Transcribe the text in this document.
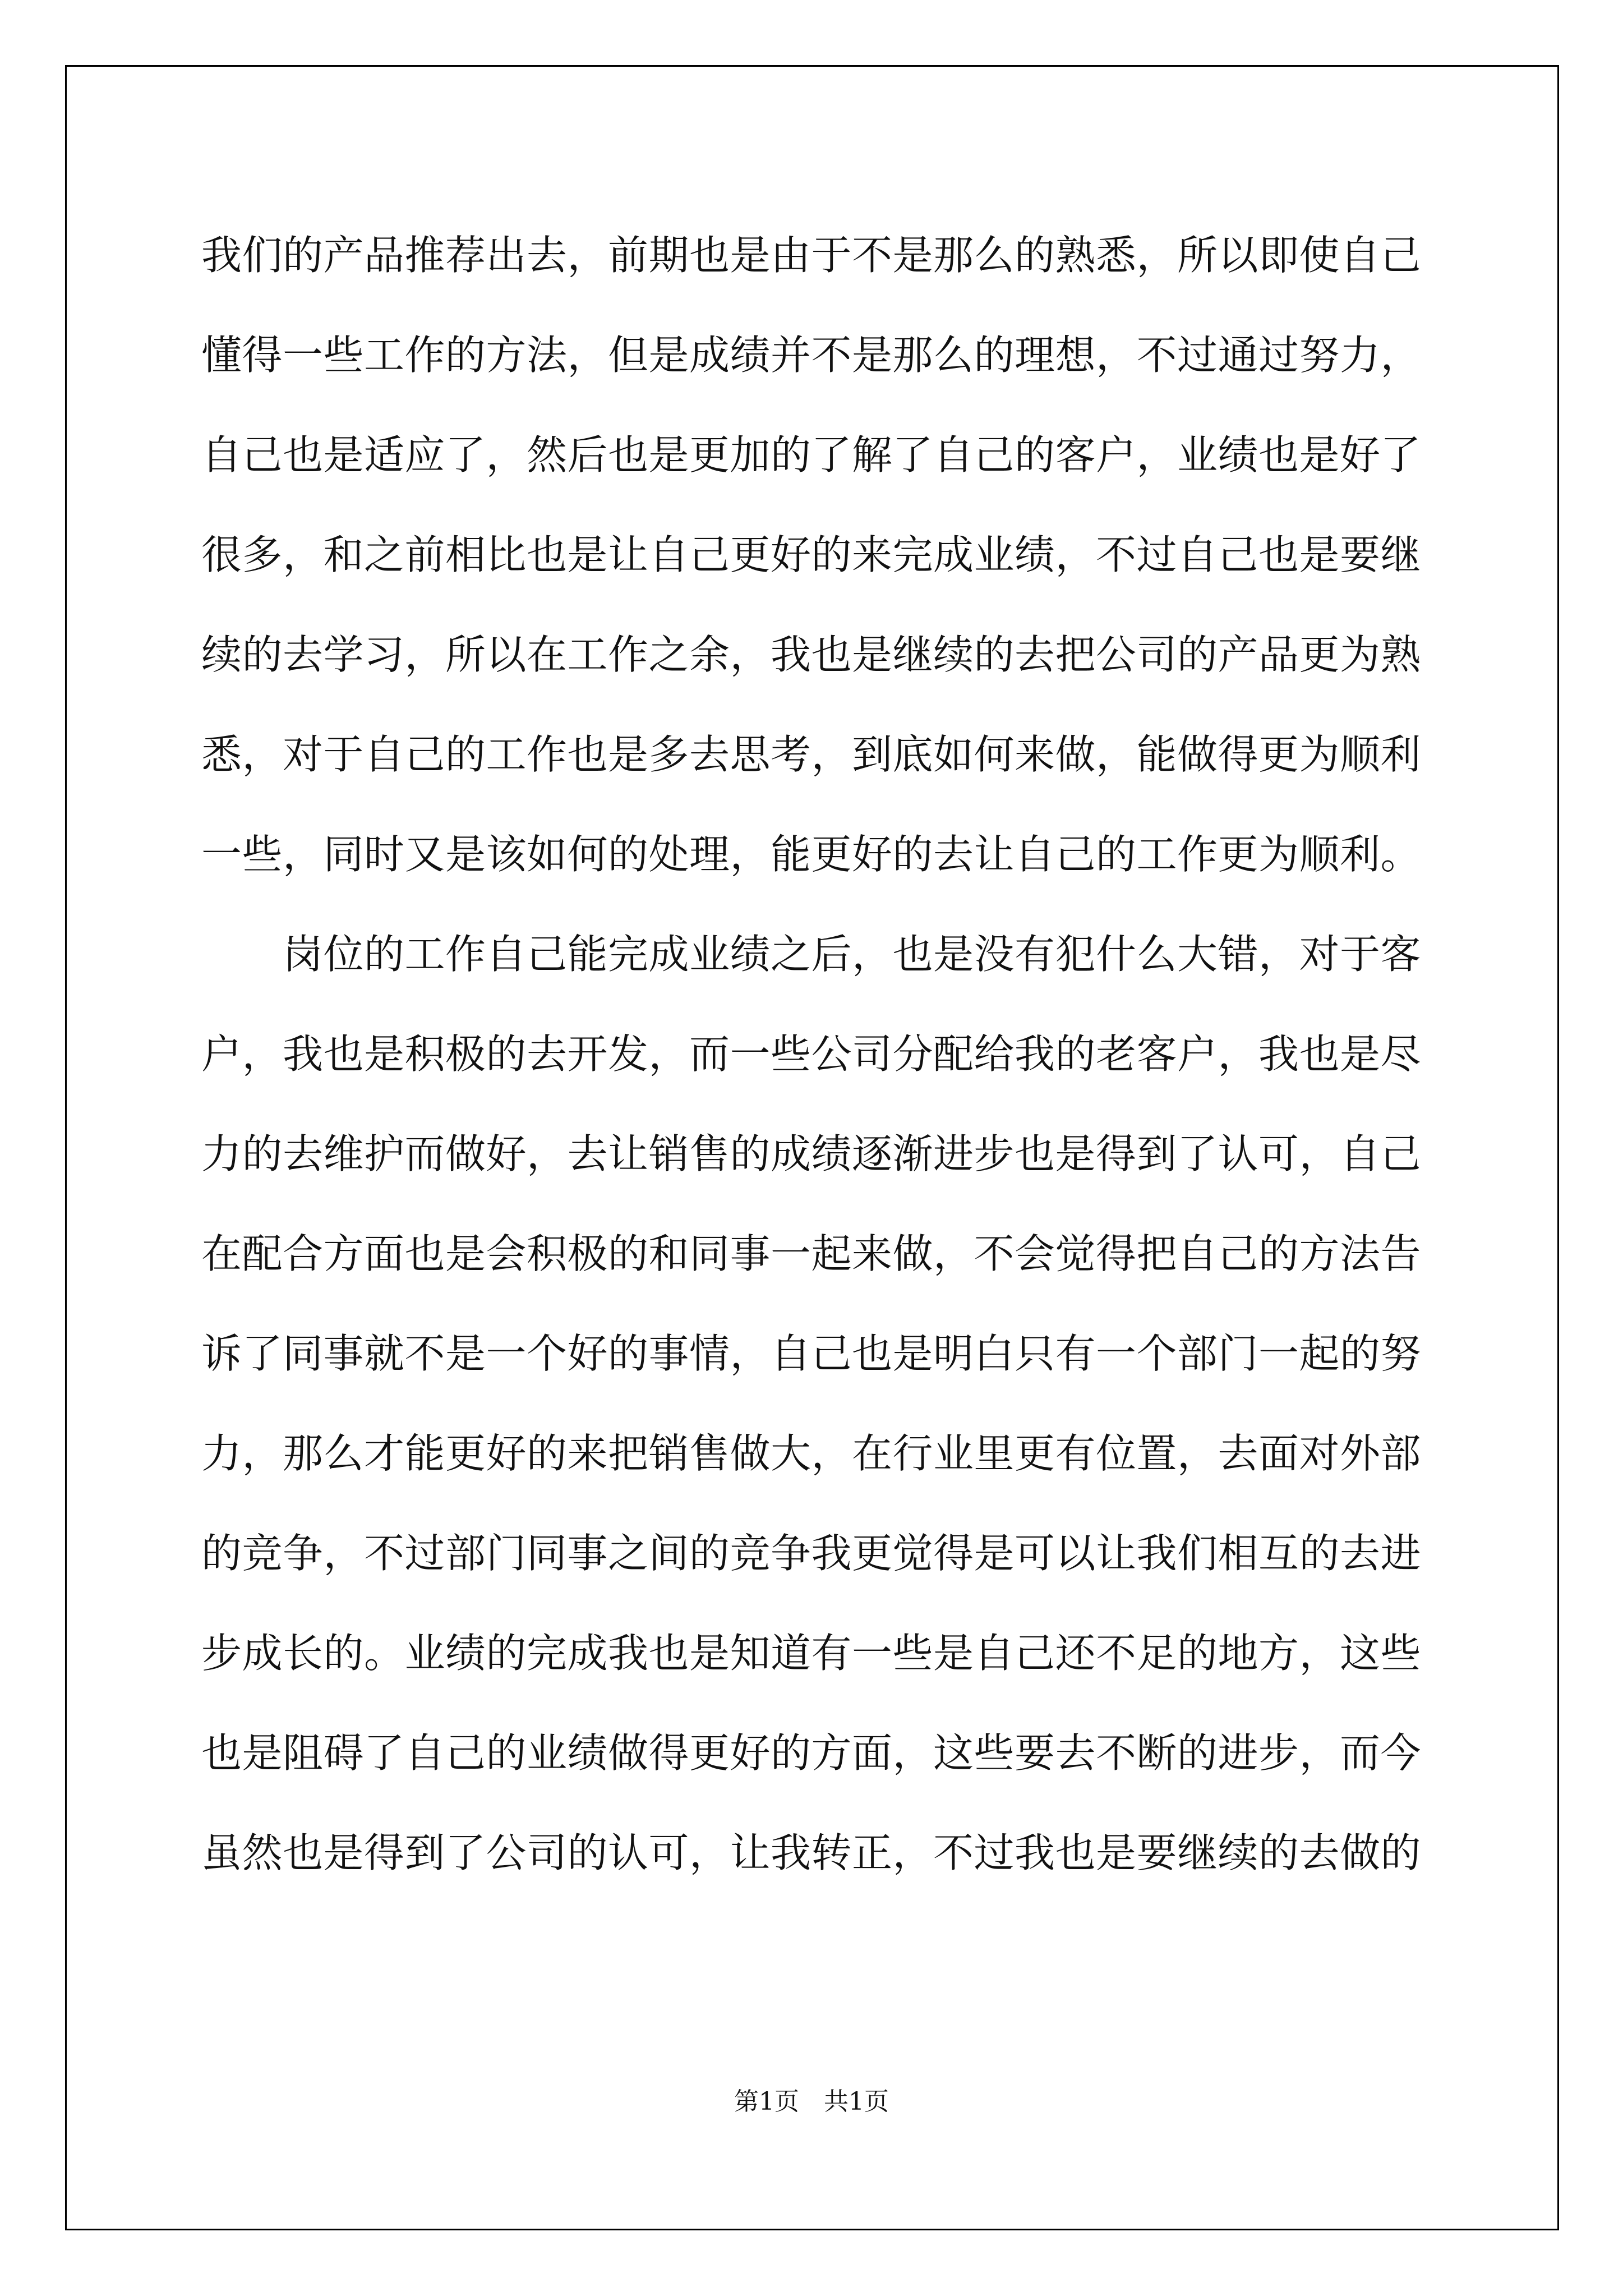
我们的产品推荐出去，前期也是由于不是那么的熟悉，所以即使自己
懂得一些工作的方法，但是成绩并不是那么的理想，不过通过努力，
自己也是适应了，然后也是更加的了解了自己的客户，业绩也是好了
很多，和之前相比也是让自己更好的来完成业绩，不过自己也是要继
续的去学习，所以在工作之余，我也是继续的去把公司的产品更为熟
悉，对于自己的工作也是多去思考，到底如何来做，能做得更为顺利
一些，同时又是该如何的处理，能更好的去让自己的工作更为顺利。
　　岗位的工作自己能完成业绩之后，也是没有犯什么大错，对于客
户，我也是积极的去开发，而一些公司分配给我的老客户，我也是尽
力的去维护而做好，去让销售的成绩逐渐进步也是得到了认可，自己
在配合方面也是会积极的和同事一起来做，不会觉得把自己的方法告
诉了同事就不是一个好的事情，自己也是明白只有一个部门一起的努
力，那么才能更好的来把销售做大，在行业里更有位置，去面对外部
的竞争，不过部门同事之间的竞争我更觉得是可以让我们相互的去进
步成长的。业绩的完成我也是知道有一些是自己还不足的地方，这些
也是阻碍了自己的业绩做得更好的方面，这些要去不断的进步，而今
虽然也是得到了公司的认可，让我转正，不过我也是要继续的去做的
第1页　共1页
